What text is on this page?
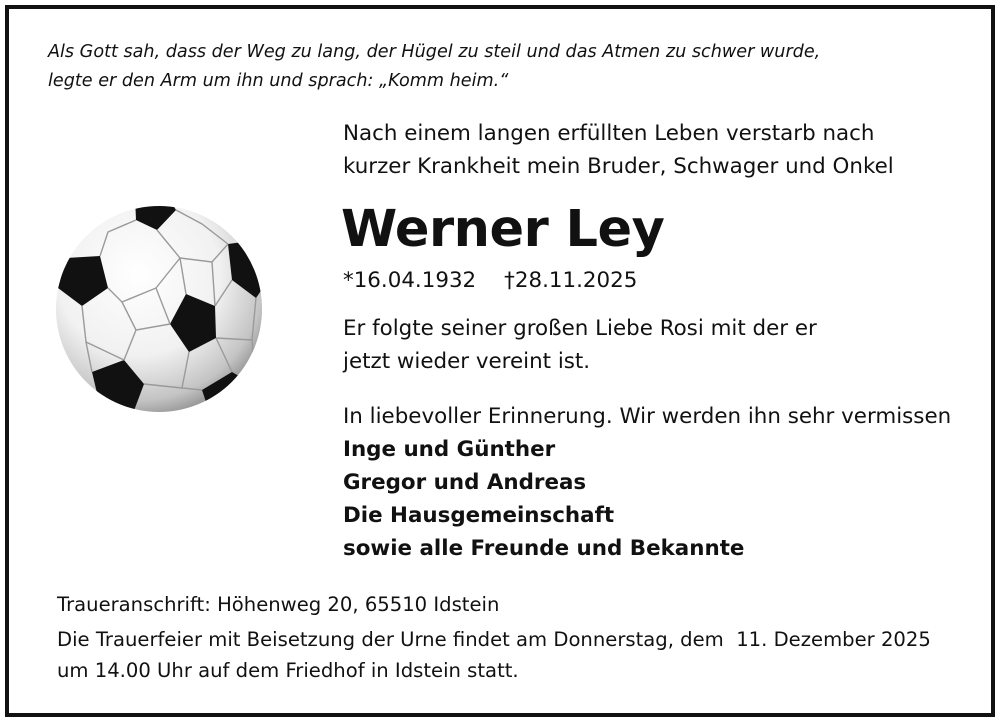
Als Gott sah, dass der Weg zu lang, der Hügel zu steil und das Atmen zu schwer wurde,
legte er den Arm um ihn und sprach: „Komm heim.“
Nach einem langen erfüllten Leben verstarb nach
kurzer Krankheit mein Bruder, Schwager und Onkel
Werner Ley
*16.04.1932 †28.11.2025
Er folgte seiner großen Liebe Rosi mit der er
jetzt wieder vereint ist.
In liebevoller Erinnerung. Wir werden ihn sehr vermissen
Inge und Günther
Gregor und Andreas
Die Hausgemeinschaft
sowie alle Freunde und Bekannte
Traueranschrift: Höhenweg 20, 65510 Idstein
Die Trauerfeier mit Beisetzung der Urne findet am Donnerstag, dem  11. Dezember 2025
um 14.00 Uhr auf dem Friedhof in Idstein statt.
